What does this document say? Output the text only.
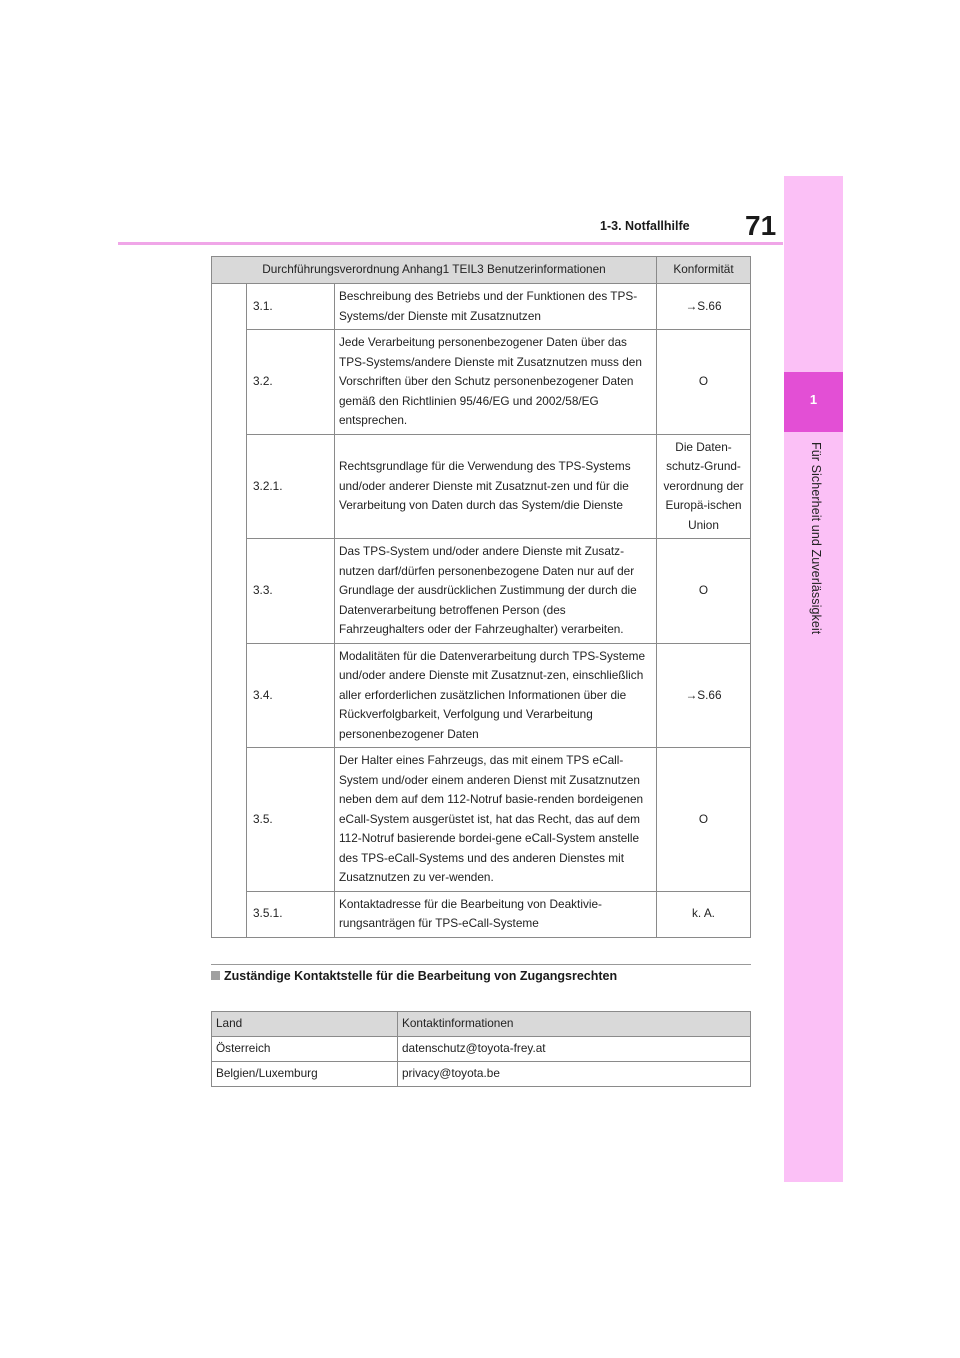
71
1-3. Notfallhilfe
1
Für Sicherheit und Zuverlässigkeit
Durchführungsverordnung Anhang1 TEIL3 Benutzerinformationen			Konformität
	3.1.	Beschreibung des Betriebs und der Funktionen des TPS-Systems/der Dienste mit Zusatznutzen	→S.66
	3.2.	Jede Verarbeitung personenbezogener Daten über das TPS-Systems/andere Dienste mit Zusatznutzen muss den Vorschriften über den Schutz personenbezogener Daten gemäß den Richtlinien 95/46/EG und 2002/58/EG entsprechen.	O
	3.2.1.	Rechtsgrundlage für die Verwendung des TPS-Systems und/oder anderer Dienste mit Zusatznut-zen und für die Verarbeitung von Daten durch das System/die Dienste	Die Daten-schutz-Grund-verordnung der Europä-ischen Union
	3.3.	Das TPS-System und/oder andere Dienste mit Zusatz-nutzen darf/dürfen personenbezogene Daten nur auf der Grundlage der ausdrücklichen Zustimmung der durch die Datenverarbeitung betroffenen Person (des Fahrzeughalters oder der Fahrzeughalter) verarbeiten.	O
	3.4.	Modalitäten für die Datenverarbeitung durch TPS-Systeme und/oder andere Dienste mit Zusatznut-zen, einschließlich aller erforderlichen zusätzlichen Informationen über die Rückverfolgbarkeit, Verfolgung und Verarbeitung personenbezogener Daten	→S.66
	3.5.	Der Halter eines Fahrzeugs, das mit einem TPS eCall-System und/oder einem anderen Dienst mit Zusatznutzen neben dem auf dem 112-Notruf basie-renden bordeigenen eCall-System ausgerüstet ist, hat das Recht, das auf dem 112-Notruf basierende bordei-gene eCall-System anstelle des TPS-eCall-Systems und des anderen Dienstes mit Zusatznutzen zu ver-wenden.	O
	3.5.1.	Kontaktadresse für die Bearbeitung von Deaktivie-rungsanträgen für TPS-eCall-Systeme	k. A.
Zuständige Kontaktstelle für die Bearbeitung von Zugangsrechten
Land	Kontaktinformationen
Österreich	datenschutz@toyota-frey.at
Belgien/Luxemburg	privacy@toyota.be
